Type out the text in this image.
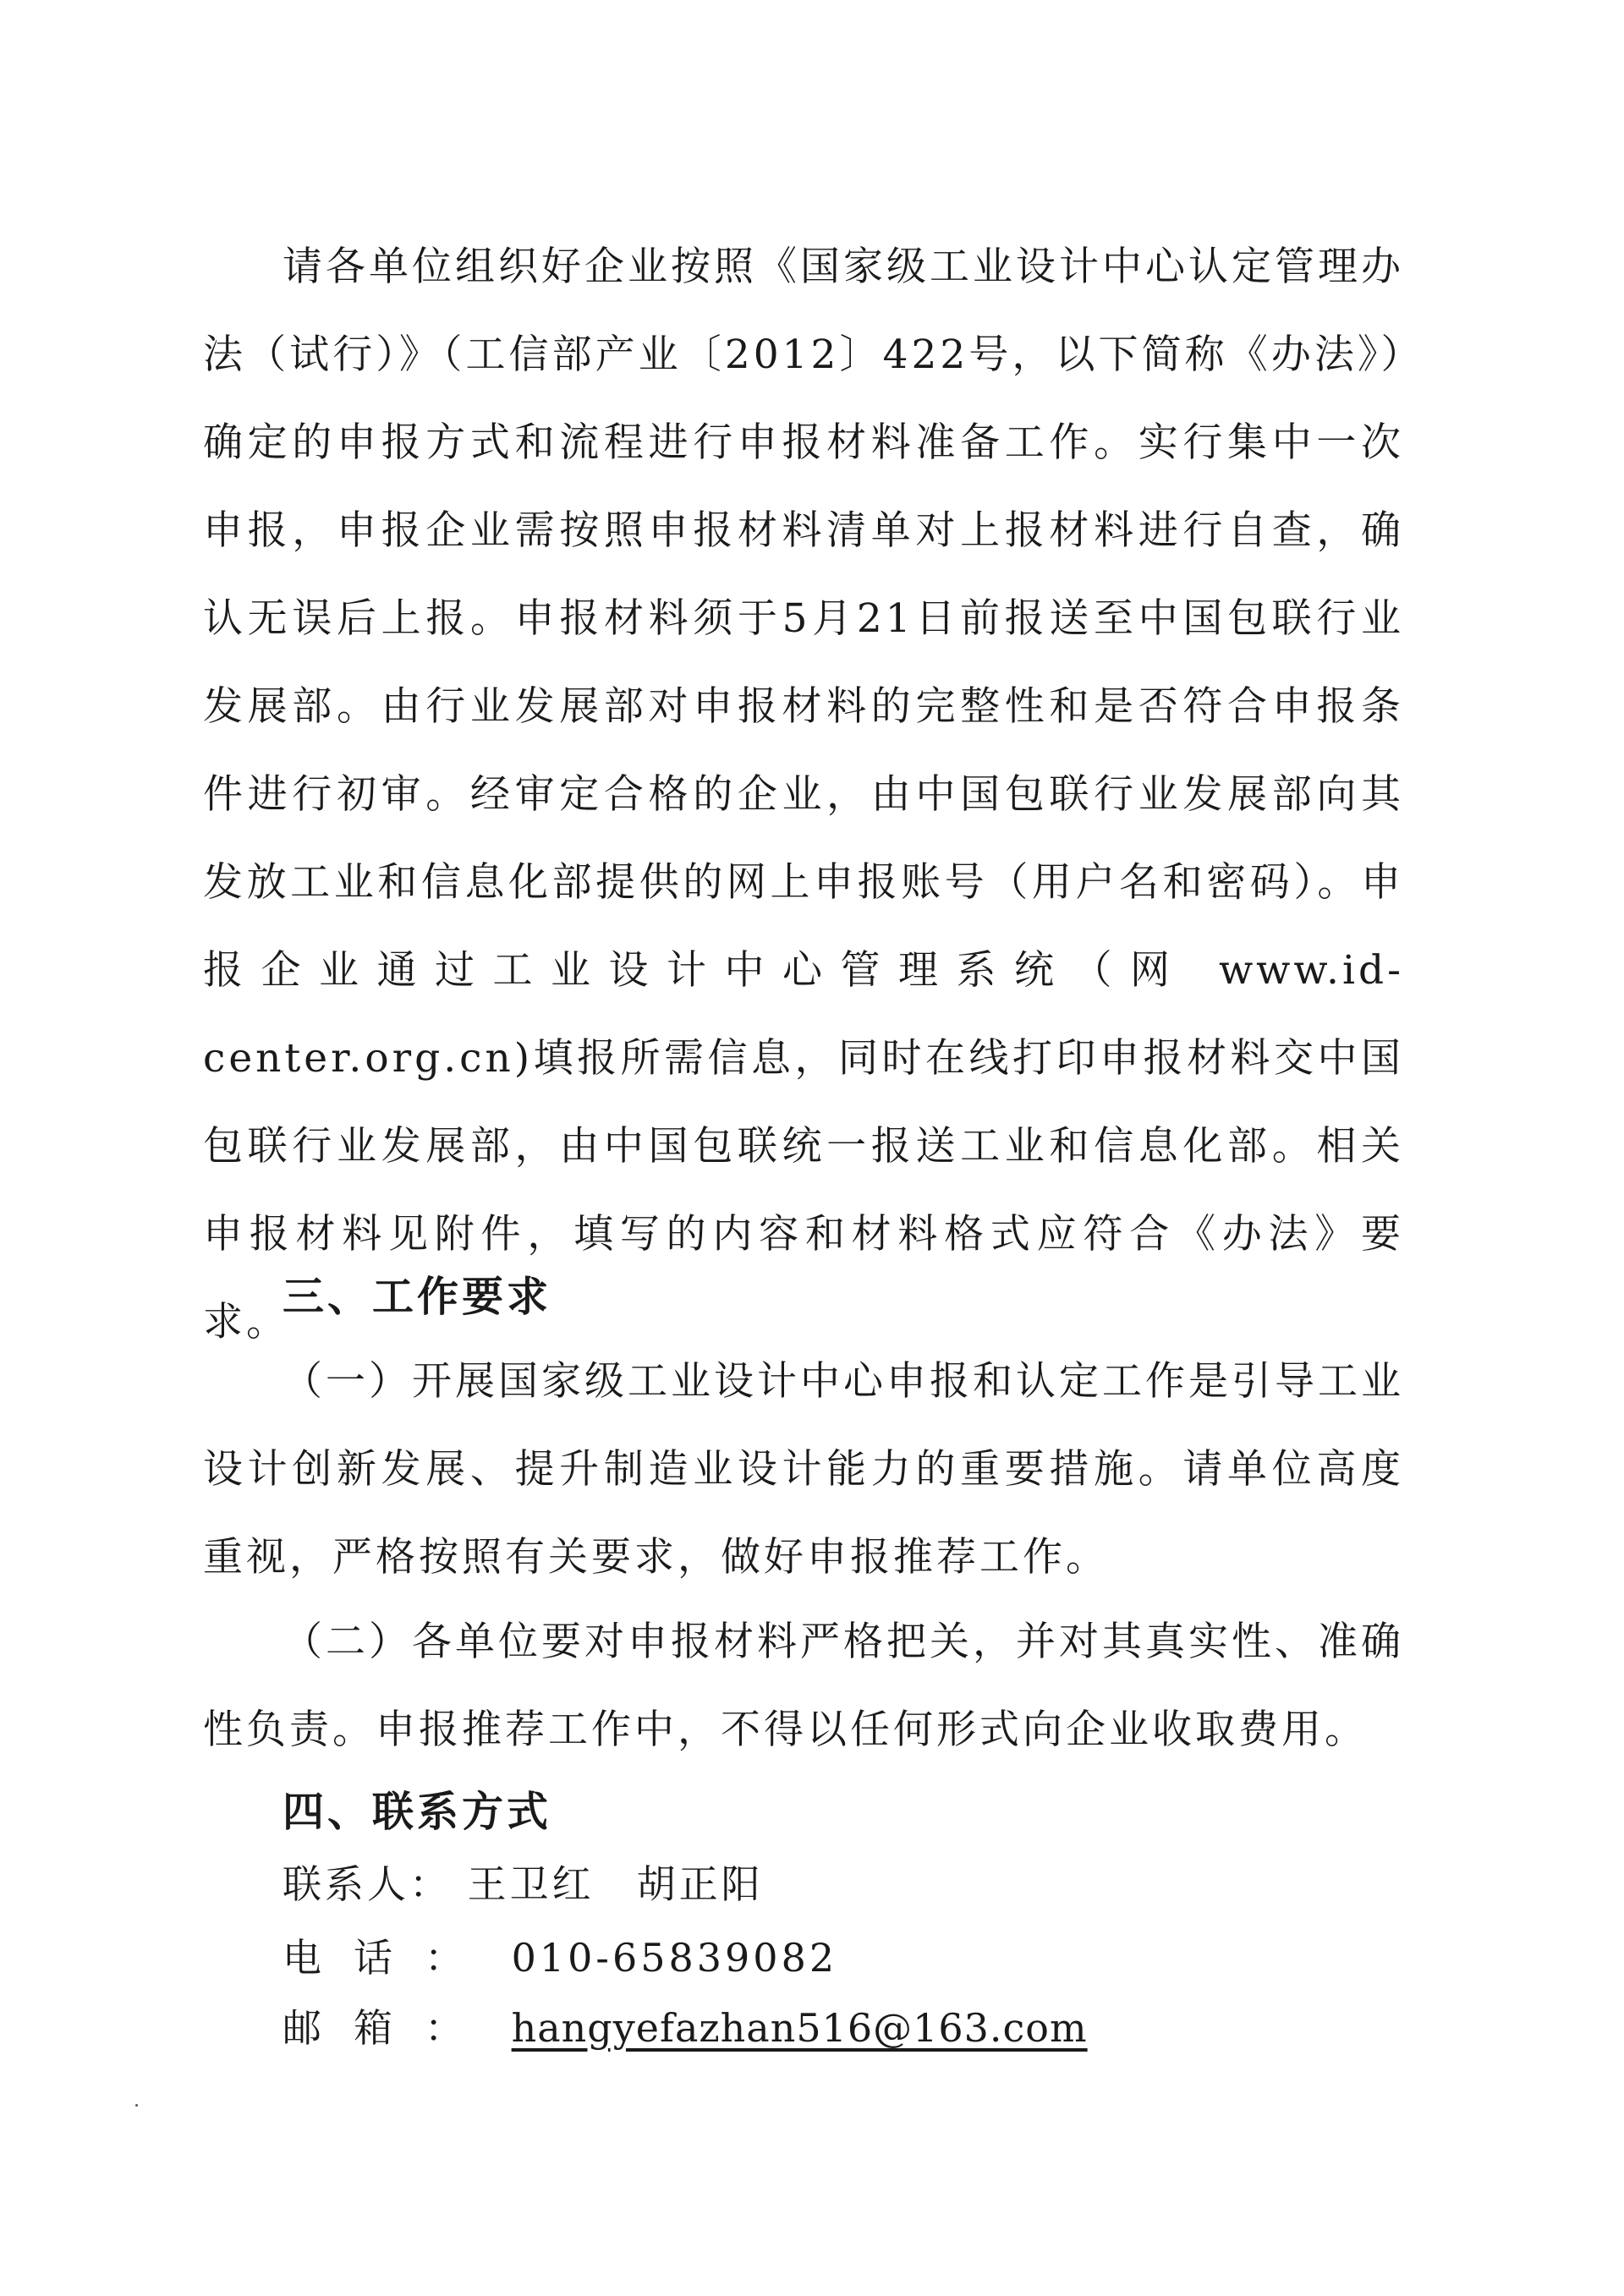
请各单位组织好企业按照《国家级工业设计中心认定管理办法（试行）》（工信部产业〔2012〕422号，以下简称《办法》）确定的申报方式和流程进行申报材料准备工作。实行集中一次申报，申报企业需按照申报材料清单对上报材料进行自查，确认无误后上报。申报材料须于5月21日前报送至中国包联行业发展部。由行业发展部对申报材料的完整性和是否符合申报条件进行初审。经审定合格的企业，由中国包联行业发展部向其发放工业和信息化部提供的网上申报账号（用户名和密码）。申报企业通过工业设计中心管理系统（网 www.id-center.org.cn)填报所需信息，同时在线打印申报材料交中国包联行业发展部，由中国包联统一报送工业和信息化部。相关申报材料见附件，填写的内容和材料格式应符合《办法》要求。

三、工作要求

（一）开展国家级工业设计中心申报和认定工作是引导工业设计创新发展、提升制造业设计能力的重要措施。请单位高度重视，严格按照有关要求，做好申报推荐工作。

（二）各单位要对申报材料严格把关，并对其真实性、准确性负责。申报推荐工作中，不得以任何形式向企业收取费用。

四、联系方式
联系人： 王卫红　胡正阳
电话： 010-65839082
邮箱： hangyefazhan516@163.com
